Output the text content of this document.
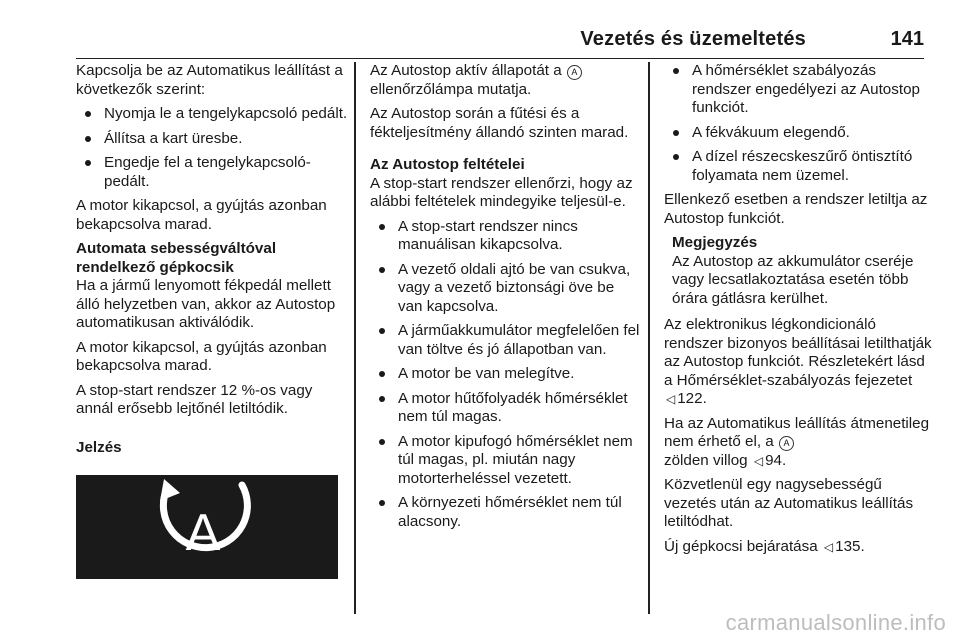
Vezetés és üzemeltetés	141

Kapcsolja be az Automatikus leállítást a következők szerint:

Nyomja le a tengelykapcsoló pedált.
Állítsa a kart üresbe.
Engedje fel a tengelykapcsoló-pedált.

A motor kikapcsol, a gyújtás azonban bekapcsolva marad.

Automata sebességváltóval
rendelkező gépkocsik

Ha a jármű lenyomott fékpedál mellett álló helyzetben van, akkor az Autostop automatikusan aktiválódik.

A motor kikapcsol, a gyújtás azonban bekapcsolva marad.

A stop-start rendszer 12 %-os vagy annál erősebb lejtőnél letiltódik.

Jelzés
A

Az Autostop aktív állapotát a A ellenőrzőlámpa mutatja.

Az Autostop során a fűtési és a fékteljesítmény állandó szinten marad.

Az Autostop feltételei

A stop-start rendszer ellenőrzi, hogy az alábbi feltételek mindegyike teljesül-e.

A stop-start rendszer nincs manuálisan kikapcsolva.
A vezető oldali ajtó be van csukva, vagy a vezető biztonsági öve be van kapcsolva.
A járműakkumulátor megfelelően fel van töltve és jó állapotban van.
A motor be van melegítve.
A motor hűtőfolyadék hőmérséklet nem túl magas.
A motor kipufogó hőmérséklet nem túl magas, pl. miután nagy motorterheléssel vezetett.
A környezeti hőmérséklet nem túl alacsony.
A hőmérséklet szabályozás rendszer engedélyezi az Autostop funkciót.
A fékvákuum elegendő.
A dízel részecskeszűrő öntisztító folyamata nem üzemel.

Ellenkező esetben a rendszer letiltja az Autostop funkciót.

Megjegyzés
Az Autostop az akkumulátor cseréje vagy lecsatlakoztatása esetén több órára gátlásra kerülhet.

Az elektronikus légkondicionáló rendszer bizonyos beállításai letilthatják az Autostop funkciót. Részletekért lásd a Hőmérséklet-szabályozás fejezetet ◁ 122.

Ha az Automatikus leállítás átmenetileg nem érhető el, a A
zölden villog ◁ 94.

Közvetlenül egy nagysebességű vezetés után az Automatikus leállítás letiltódhat.

Új gépkocsi bejáratása ◁ 135.

carmanualsonline.info
